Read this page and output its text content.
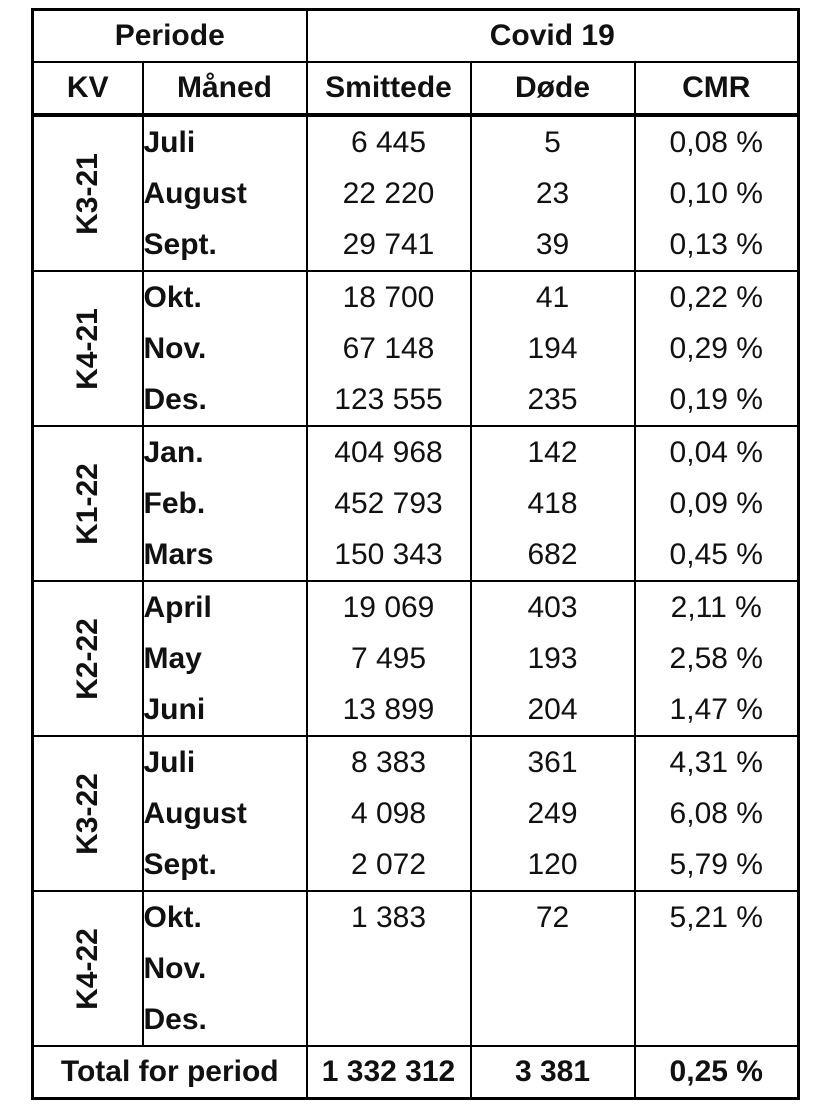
Periode		Covid 19		
KV	Måned	Smittede	Døde	CMR
K3-21	Juli	6 445	5	0,08 %
	August	22 220	23	0,10 %
	Sept.	29 741	39	0,13 %
K4-21	Okt.	18 700	41	0,22 %
	Nov.	67 148	194	0,29 %
	Des.	123 555	235	0,19 %
K1-22	Jan.	404 968	142	0,04 %
	Feb.	452 793	418	0,09 %
	Mars	150 343	682	0,45 %
K2-22	April	19 069	403	2,11 %
	May	7 495	193	2,58 %
	Juni	13 899	204	1,47 %
K3-22	Juli	8 383	361	4,31 %
	August	4 098	249	6,08 %
	Sept.	2 072	120	5,79 %
K4-22	Okt.	1 383	72	5,21 %
	Nov.			
	Des.			
Total for period		1 332 312	3 381	0,25 %
